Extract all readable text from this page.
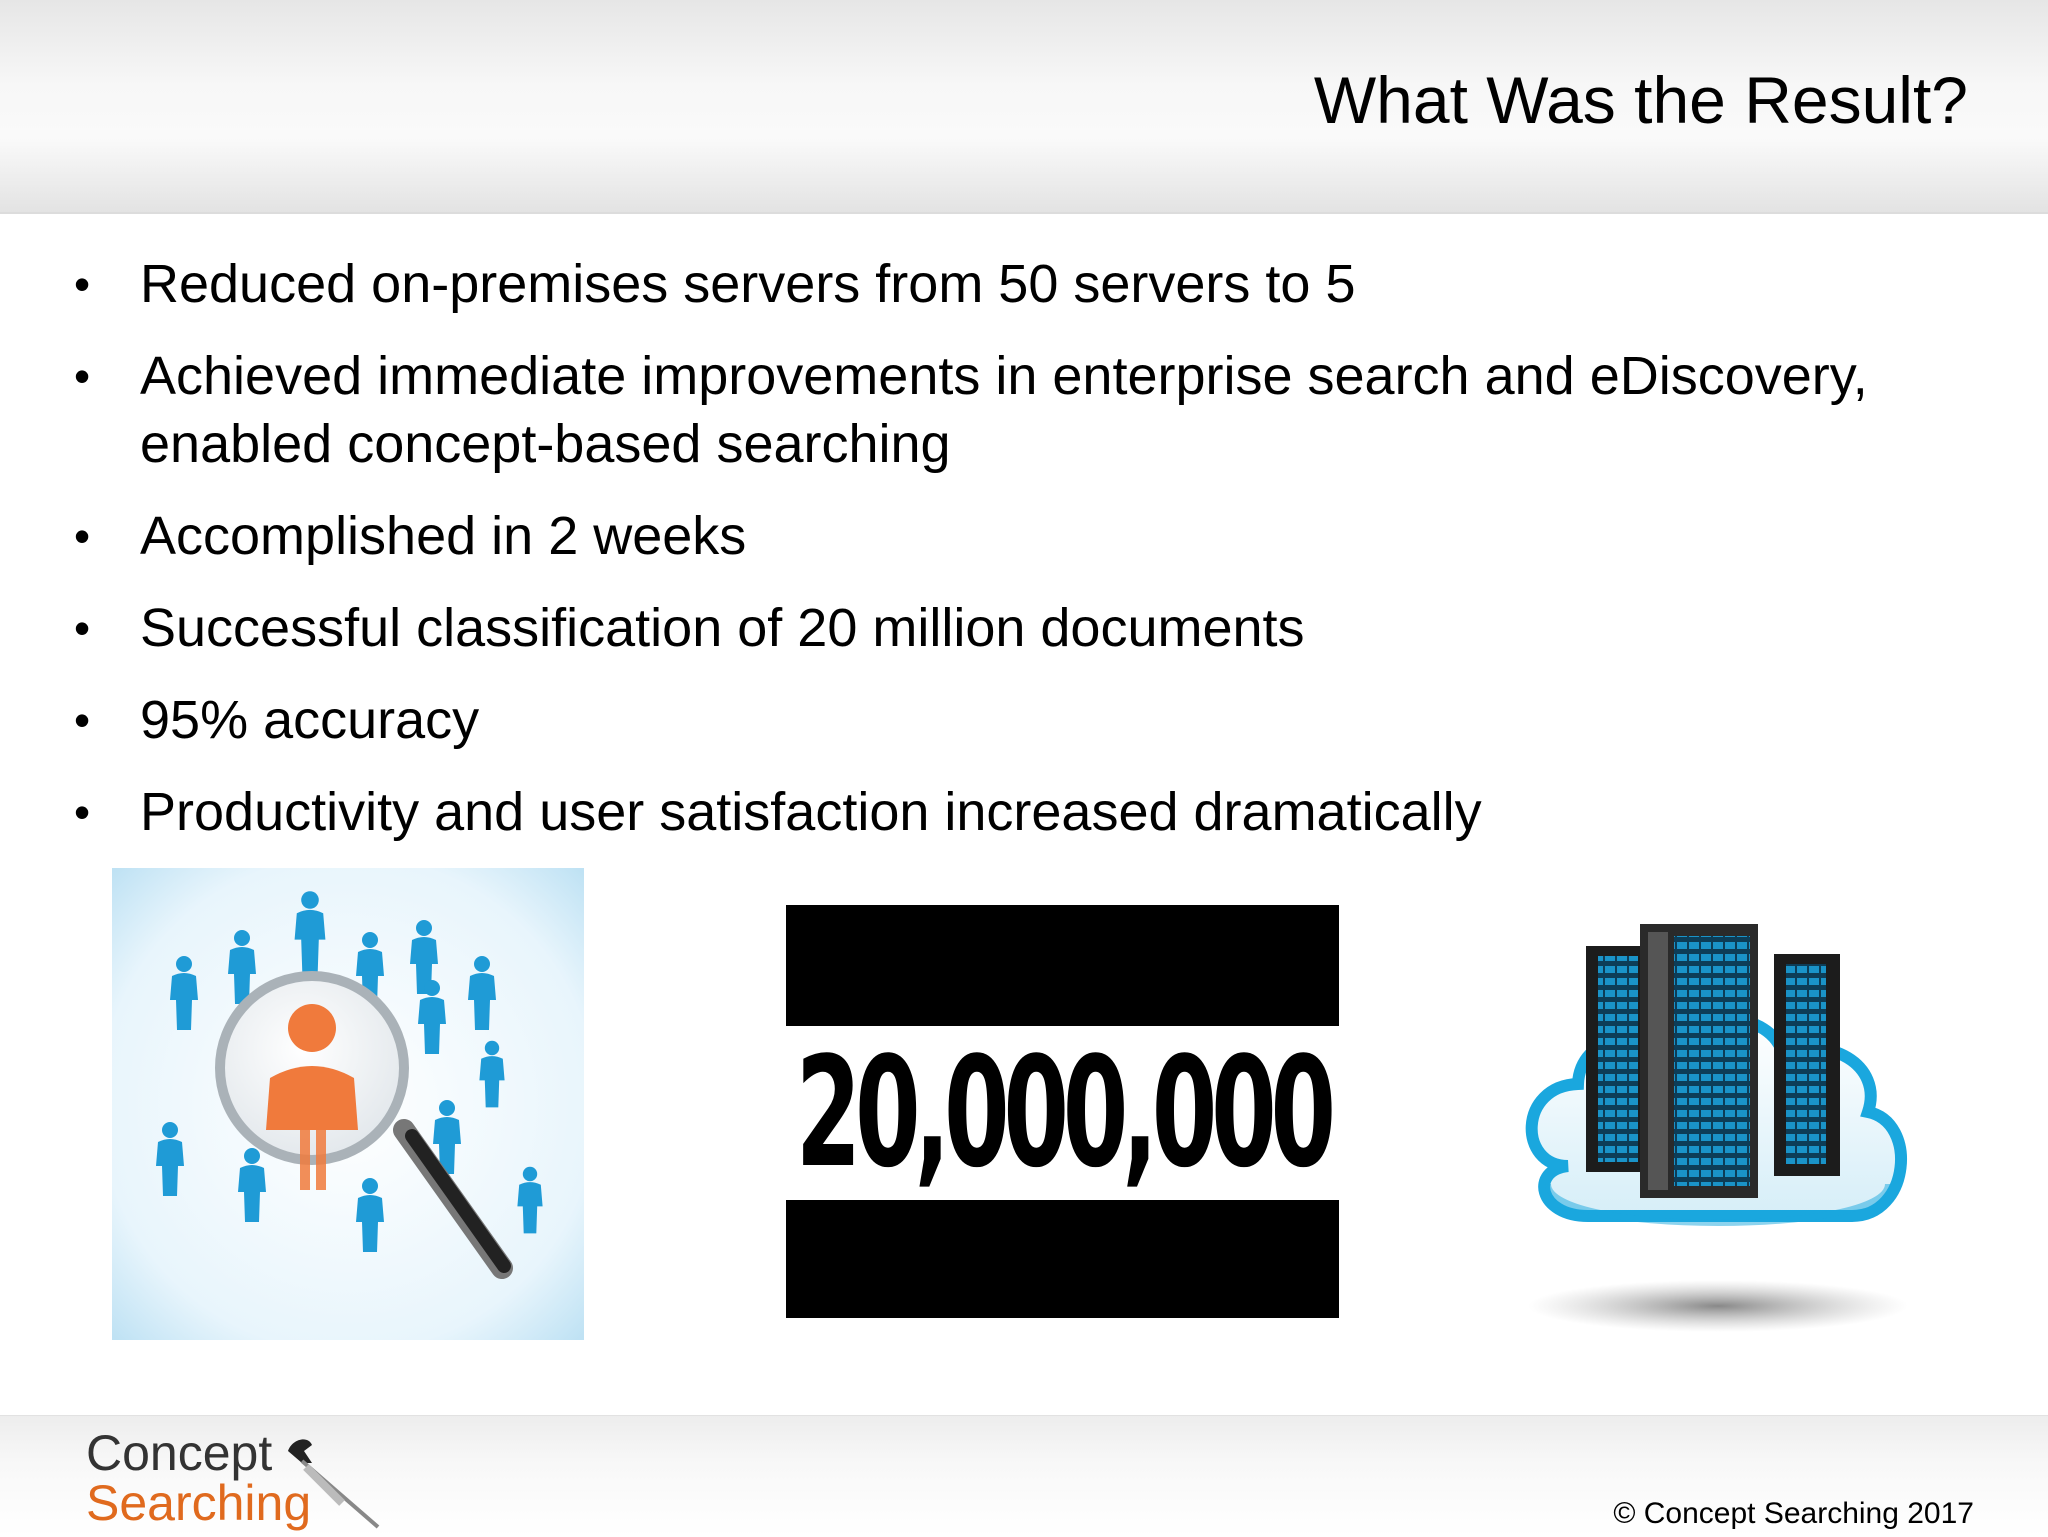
What Was the Result?
• Reduced on-premises servers from 50 servers to 5
• Achieved immediate improvements in enterprise search and eDiscovery, enabled concept-based searching
• Accomplished in 2 weeks
• Successful classification of 20 million documents
• 95% accuracy
• Productivity and user satisfaction increased dramatically
20,000,000
Concept
Searching	© Concept Searching 2017
